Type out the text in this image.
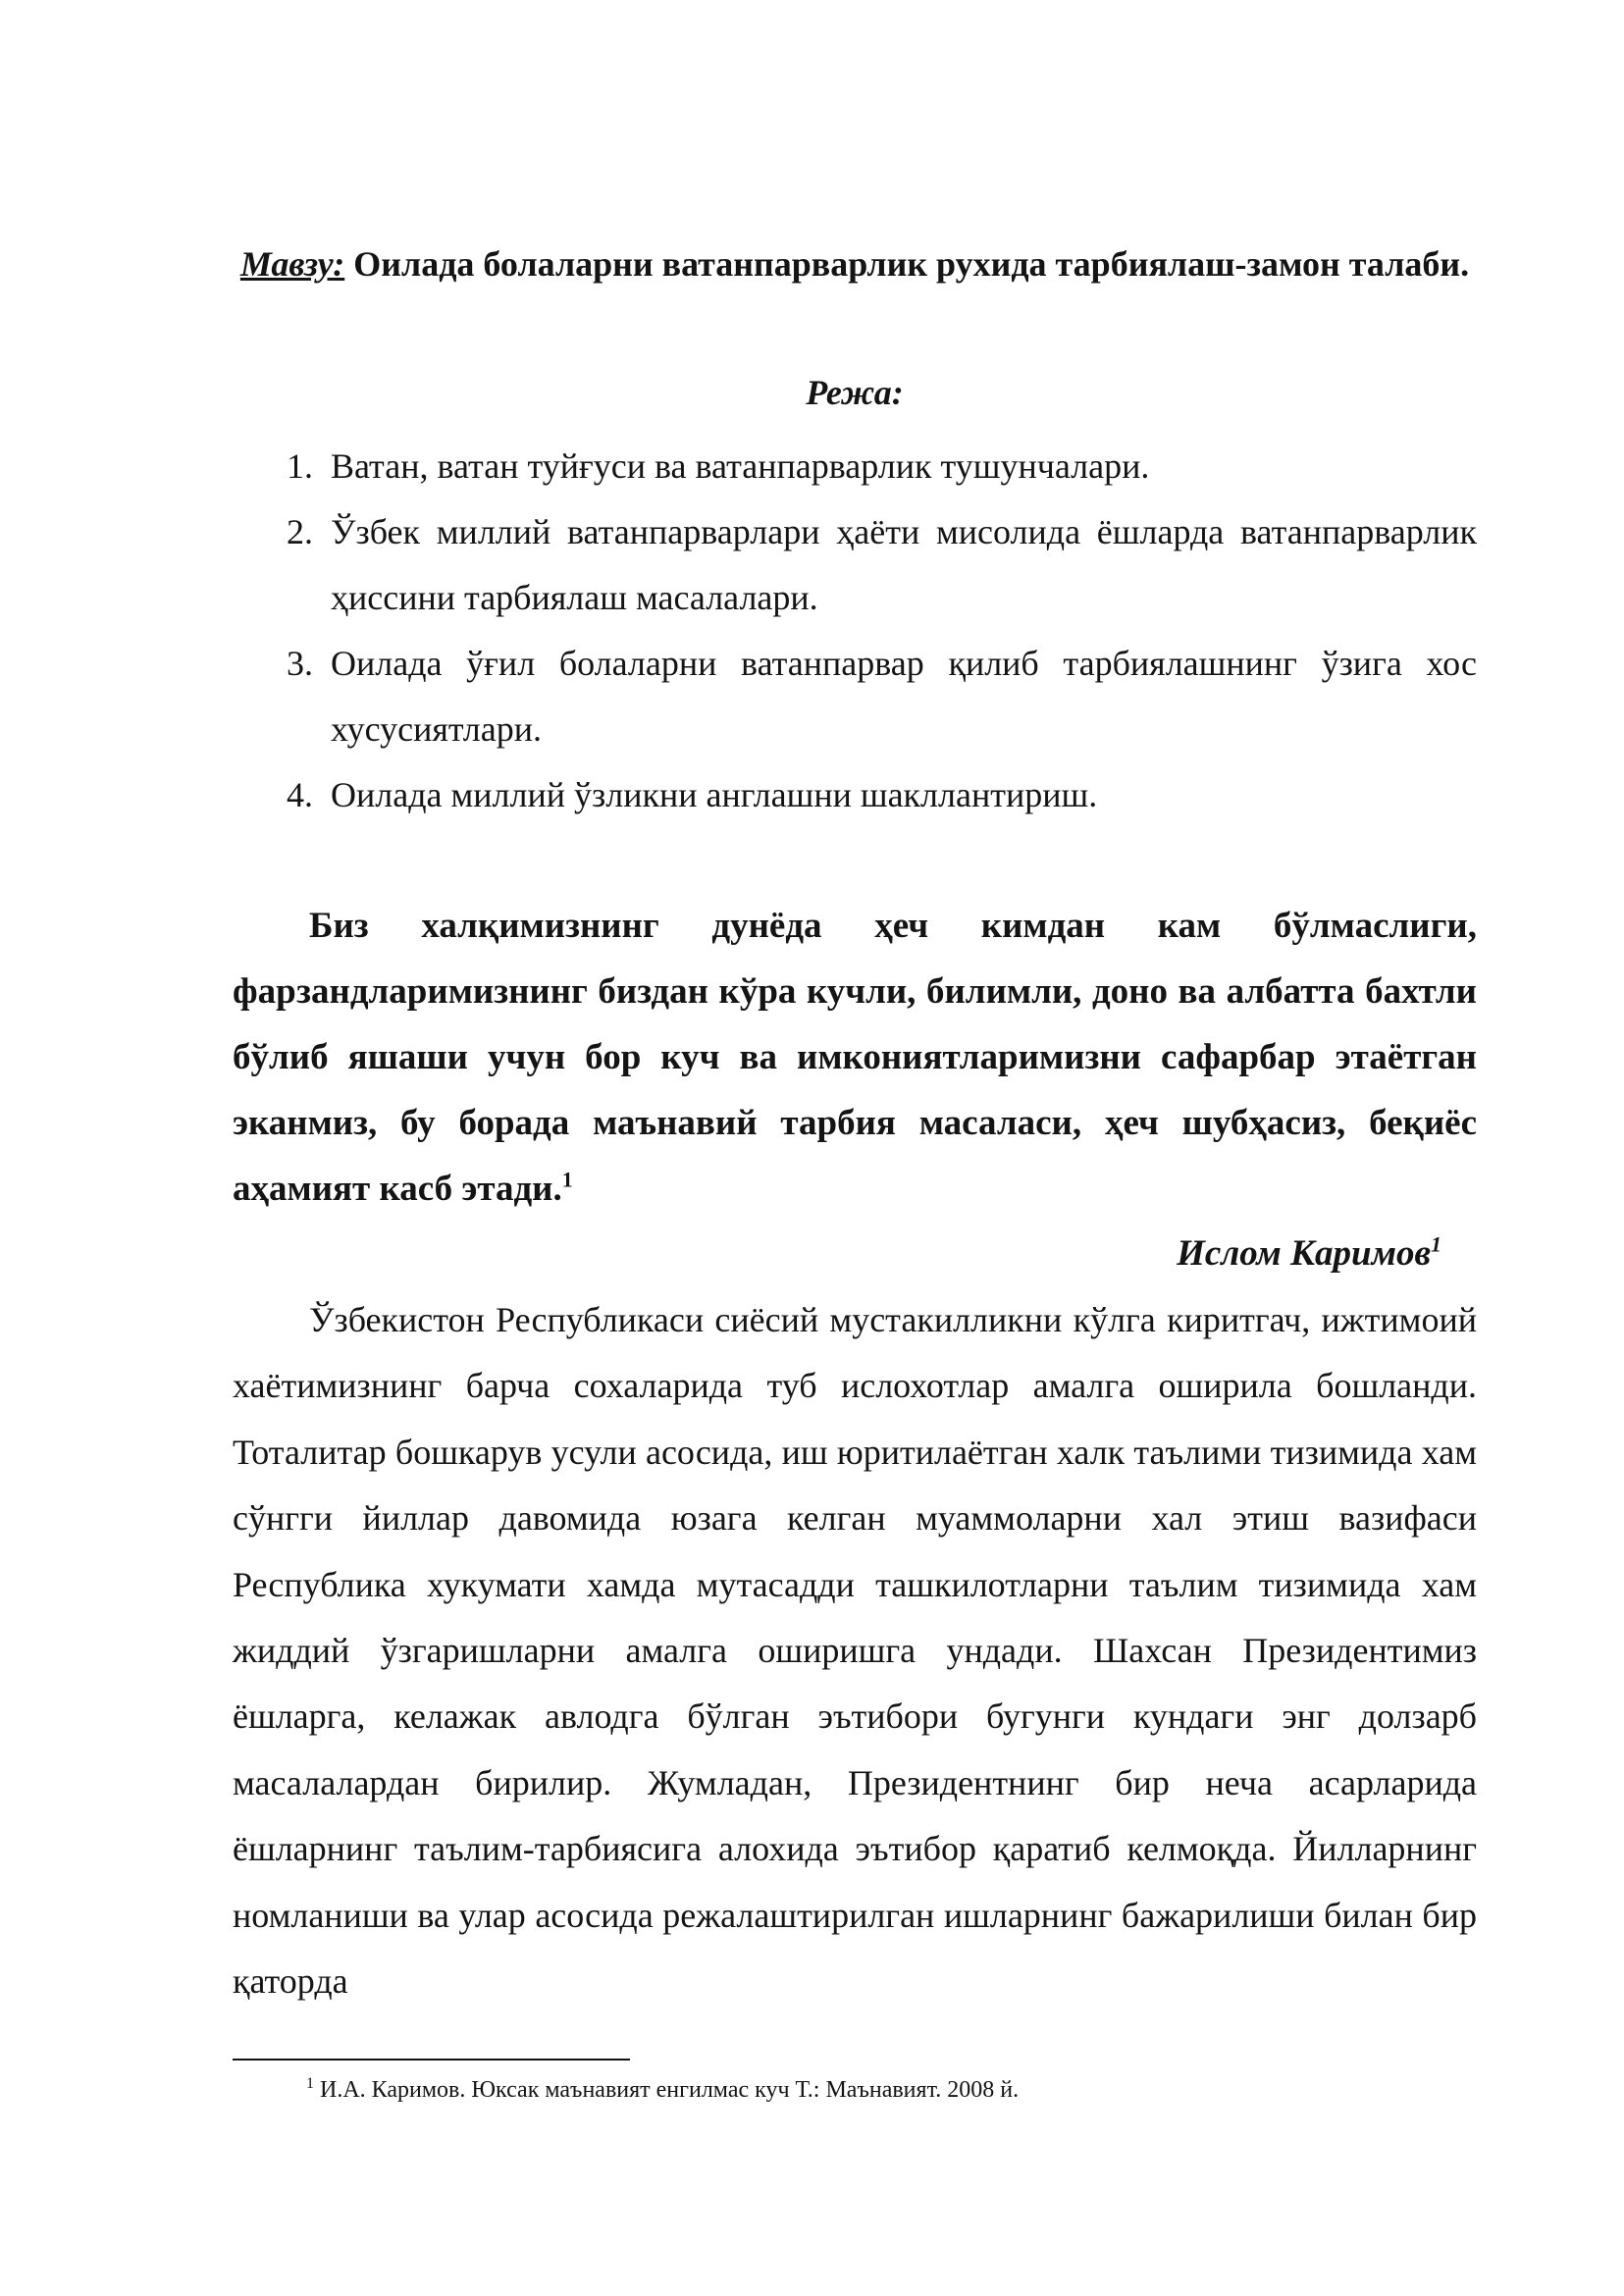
Мавзу: Оилада болаларни ватанпарварлик рухида тарбиялаш-замон талаби.
Режа:
1. Ватан, ватан туйғуси ва ватанпарварлик тушунчалари.
2. Ўзбек миллий ватанпарварлари ҳаёти мисолида ёшларда ватанпарварлик ҳиссини тарбиялаш масалалари.
3. Оилада ўғил болаларни ватанпарвар қилиб тарбиялашнинг ўзига хос хусусиятлари.
4. Оилада миллий ўзликни англашни шакллантириш.
Биз халқимизнинг дунёда ҳеч кимдан кам бўлмаслиги, фарзандларимизнинг биздан кўра кучли, билимли, доно ва албатта бахтли бўлиб яшаши учун бор куч ва имкониятларимизни сафарбар этаётган эканмиз, бу борада маънавий тарбия масаласи, ҳеч шубҳасиз, беқиёс аҳамият касб этади.$^1$
Ислом Каримов$^1$
Ўзбекистон Республикаси сиёсий мустакилликни кўлга киритгач, ижтимоий хаётимизнинг барча сохаларида туб ислохотлар амалга оширила бошланди. Тоталитар бошкарув усули асосида, иш юритилаётган халк таълими тизимида хам сўнгги йиллар давомида юзага келган муаммоларни хал этиш вазифаси Республика хукумати хамда мутасадди ташкилотларни таълим тизимида хам жиддий ўзгаришларни амалга оширишга ундади. Шахсан Президентимиз ёшларга, келажак авлодга бўлган эътибори бугунги кундаги энг долзарб масалалардан бирилир. Жумладан, Президентнинг бир неча асарларида ёшларнинг таълим-тарбиясига алохида эътибор қаратиб келмоқда. Йилларнинг номланиши ва улар асосида режалаштирилган ишларнинг бажарилиши билан бир қаторда
$^1$ И.А. Каримов. Юксак маънавият енгилмас куч Т.: Маънавият. 2008 й.
